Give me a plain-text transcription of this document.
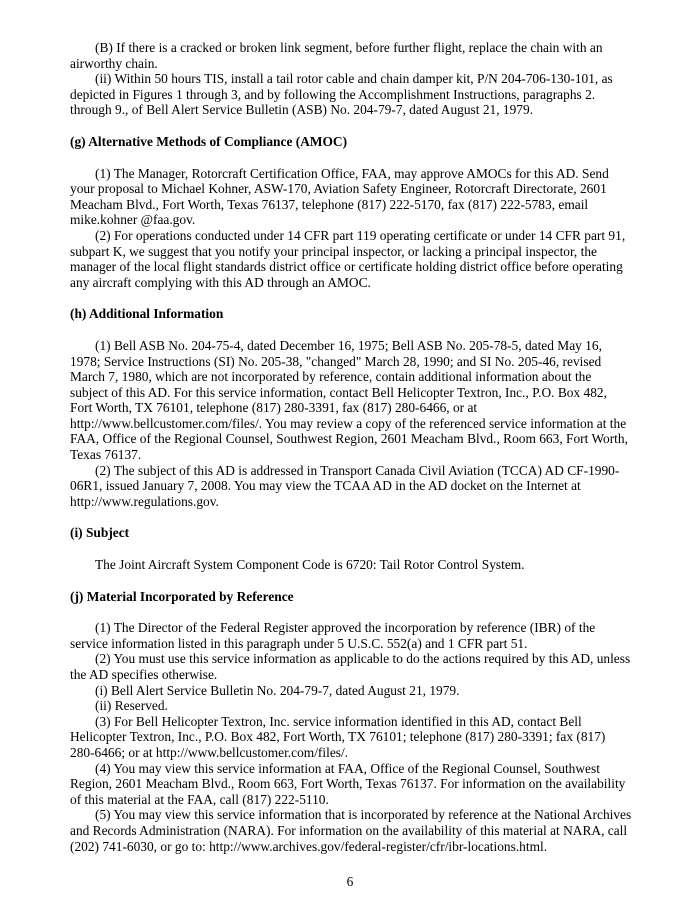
(B) If there is a cracked or broken link segment, before further flight, replace the chain with an airworthy chain.

(ii) Within 50 hours TIS, install a tail rotor cable and chain damper kit, P/N 204-706-130-101, as depicted in Figures 1 through 3, and by following the Accomplishment Instructions, paragraphs 2. through 9., of Bell Alert Service Bulletin (ASB) No. 204-79-7, dated August 21, 1979.

(g) Alternative Methods of Compliance (AMOC)

(1) The Manager, Rotorcraft Certification Office, FAA, may approve AMOCs for this AD. Send your proposal to Michael Kohner, ASW-170, Aviation Safety Engineer, Rotorcraft Directorate, 2601 Meacham Blvd., Fort Worth, Texas 76137, telephone (817) 222-5170, fax (817) 222-5783, email mike.kohner @faa.gov.

(2) For operations conducted under 14 CFR part 119 operating certificate or under 14 CFR part 91, subpart K, we suggest that you notify your principal inspector, or lacking a principal inspector, the manager of the local flight standards district office or certificate holding district office before operating any aircraft complying with this AD through an AMOC.

(h) Additional Information

(1) Bell ASB No. 204-75-4, dated December 16, 1975; Bell ASB No. 205-78-5, dated May 16, 1978; Service Instructions (SI) No. 205-38, "changed" March 28, 1990; and SI No. 205-46, revised March 7, 1980, which are not incorporated by reference, contain additional information about the subject of this AD. For this service information, contact Bell Helicopter Textron, Inc., P.O. Box 482, Fort Worth, TX 76101, telephone (817) 280-3391, fax (817) 280-6466, or at http://www.bellcustomer.com/files/. You may review a copy of the referenced service information at the FAA, Office of the Regional Counsel, Southwest Region, 2601 Meacham Blvd., Room 663, Fort Worth, Texas 76137.

(2) The subject of this AD is addressed in Transport Canada Civil Aviation (TCCA) AD CF-1990-06R1, issued January 7, 2008. You may view the TCAA AD in the AD docket on the Internet at http://www.regulations.gov.

(i) Subject

The Joint Aircraft System Component Code is 6720: Tail Rotor Control System.

(j) Material Incorporated by Reference

(1) The Director of the Federal Register approved the incorporation by reference (IBR) of the service information listed in this paragraph under 5 U.S.C. 552(a) and 1 CFR part 51.

(2) You must use this service information as applicable to do the actions required by this AD, unless the AD specifies otherwise.

(i) Bell Alert Service Bulletin No. 204-79-7, dated August 21, 1979.

(ii) Reserved.

(3) For Bell Helicopter Textron, Inc. service information identified in this AD, contact Bell Helicopter Textron, Inc., P.O. Box 482, Fort Worth, TX 76101; telephone (817) 280-3391; fax (817) 280-6466; or at http://www.bellcustomer.com/files/.

(4) You may view this service information at FAA, Office of the Regional Counsel, Southwest Region, 2601 Meacham Blvd., Room 663, Fort Worth, Texas 76137. For information on the availability of this material at the FAA, call (817) 222-5110.

(5) You may view this service information that is incorporated by reference at the National Archives and Records Administration (NARA). For information on the availability of this material at NARA, call (202) 741-6030, or go to: http://www.archives.gov/federal-register/cfr/ibr-locations.html.

6
